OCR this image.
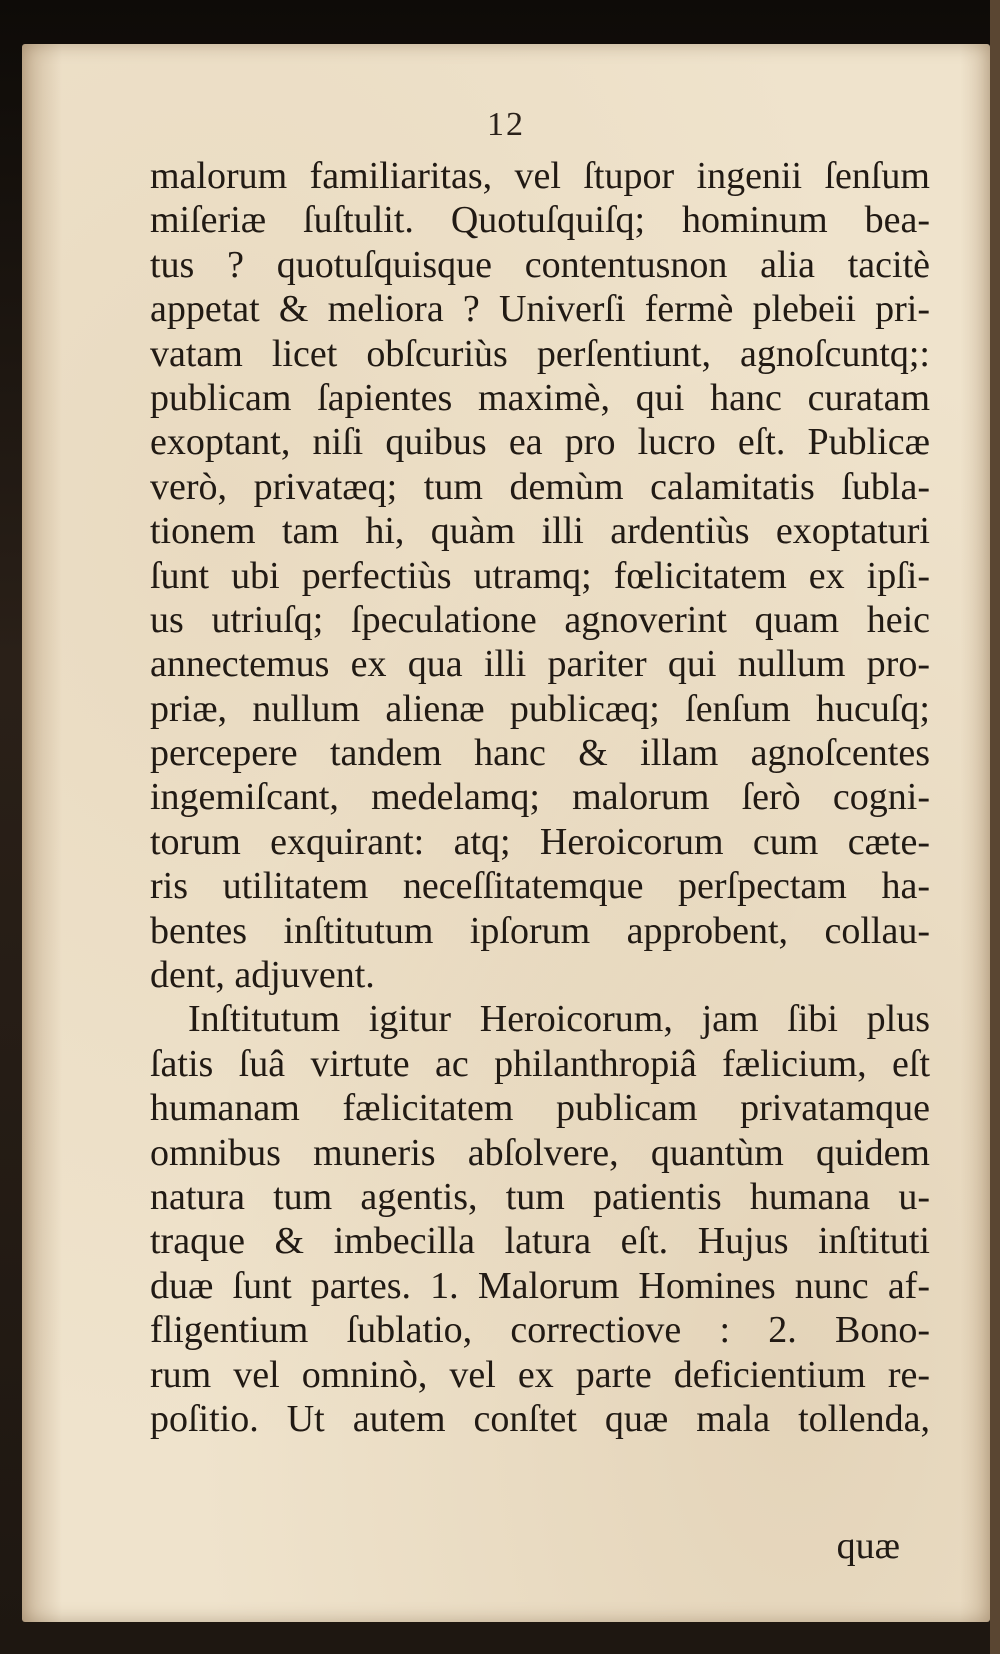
12
malorum familiaritas, vel ſtupor ingenii ſenſum
miſeriæ ſuſtulit. Quotuſquiſq; hominum bea-
tus ? quotuſquisque contentusnon alia tacitè
appetat & meliora ? Univerſi fermè plebeii pri-
vatam licet obſcuriùs perſentiunt, agnoſcuntq;:
publicam ſapientes maximè, qui hanc curatam
exoptant, niſi quibus ea pro lucro eſt. Publicæ
verò, privatæq; tum demùm calamitatis ſubla-
tionem tam hi, quàm illi ardentiùs exoptaturi
ſunt ubi perfectiùs utramq; fœlicitatem ex ipſi-
us utriuſq; ſpeculatione agnoverint quam heic
annectemus ex qua illi pariter qui nullum pro-
priæ, nullum alienæ publicæq; ſenſum hucuſq;
percepere tandem hanc & illam agnoſcentes
ingemiſcant, medelamq; malorum ſerò cogni-
torum exquirant: atq; Heroicorum cum cæte-
ris utilitatem neceſſitatemque perſpectam ha-
bentes inſtitutum ipſorum approbent, collau-
dent, adjuvent.
Inſtitutum igitur Heroicorum, jam ſibi plus
ſatis ſuâ virtute ac philanthropiâ fælicium, eſt
humanam fælicitatem publicam privatamque
omnibus muneris abſolvere, quantùm quidem
natura tum agentis, tum patientis humana u-
traque & imbecilla latura eſt. Hujus inſtituti
duæ ſunt partes. 1. Malorum Homines nunc af-
fligentium ſublatio, correctiove : 2. Bono-
rum vel omninò, vel ex parte deficientium re-
poſitio. Ut autem conſtet quæ mala tollenda,
quæ
